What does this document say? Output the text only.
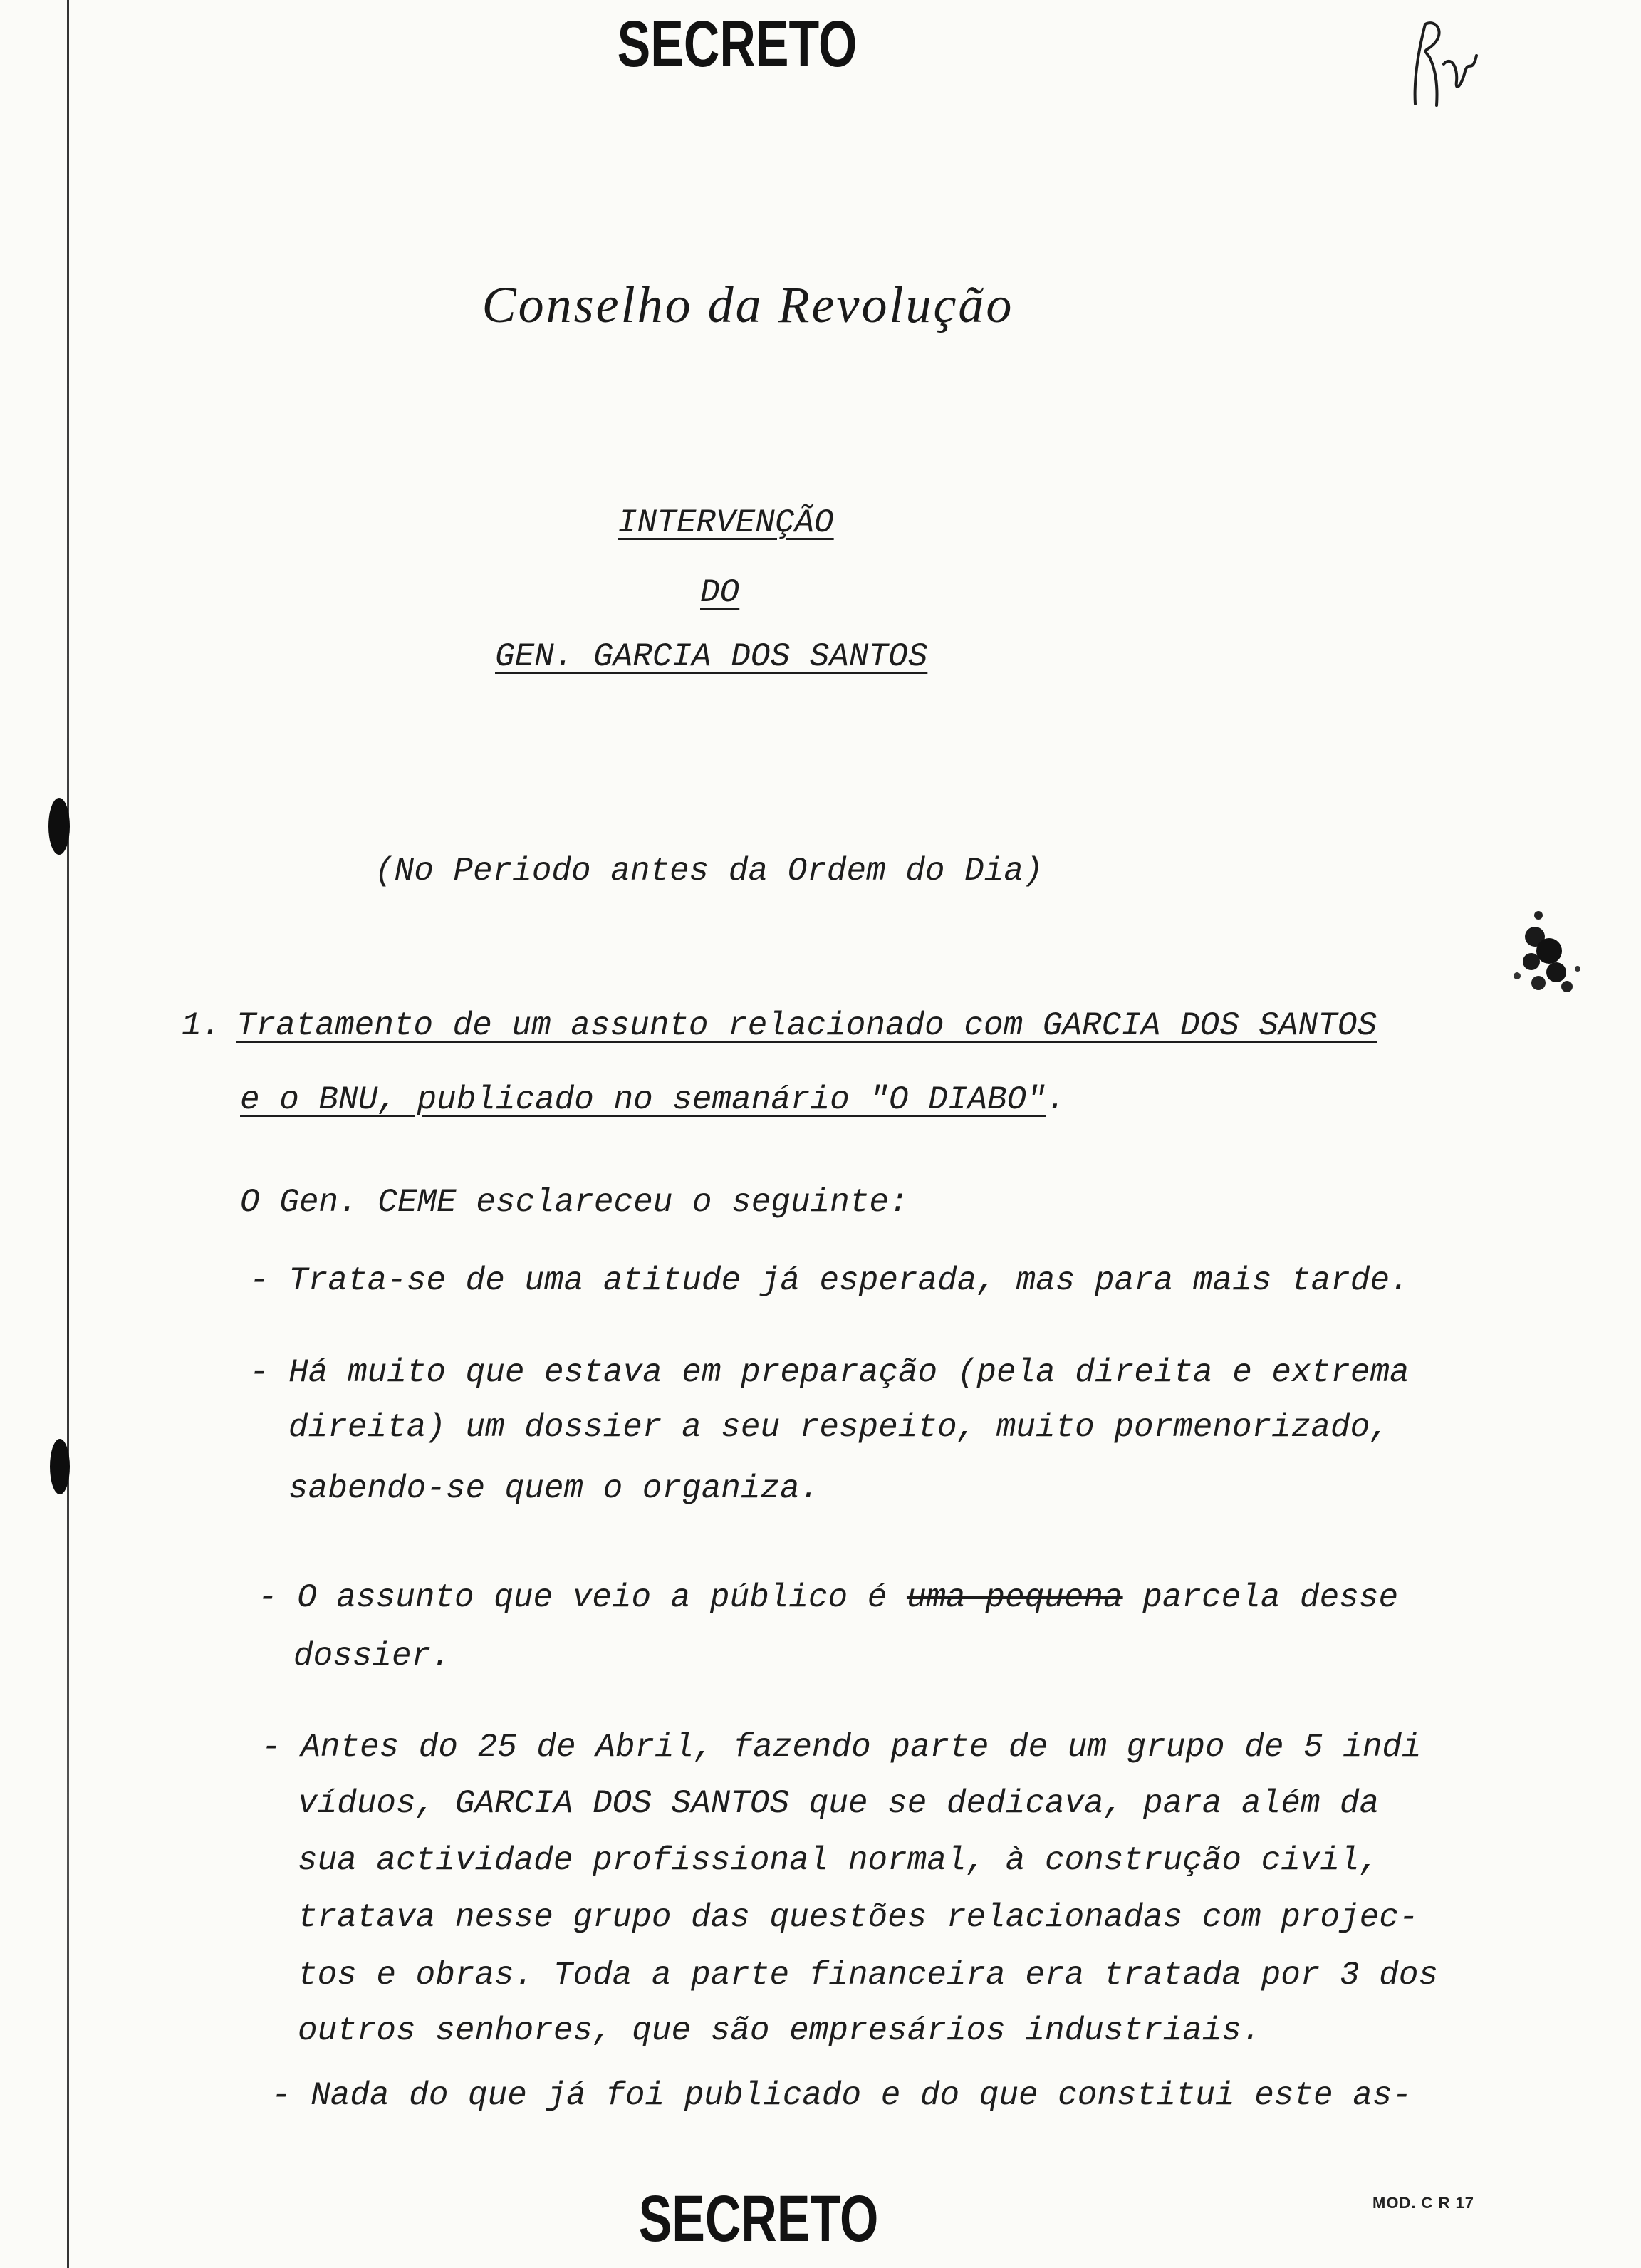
SECRETO
Conselho da Revolução
INTERVENÇÃO
DO
GEN. GARCIA DOS SANTOS
(No Periodo antes da Ordem do Dia)
1. Tratamento de um assunto relacionado com GARCIA DOS SANTOS
e o BNU, publicado no semanário "O DIABO".
O Gen. CEME esclareceu o seguinte:
- Trata-se de uma atitude já esperada, mas para mais tarde.
- Há muito que estava em preparação (pela direita e extrema
direita) um dossier a seu respeito, muito pormenorizado,
sabendo-se quem o organiza.
- O assunto que veio a público é uma pequena parcela desse
dossier.
- Antes do 25 de Abril, fazendo parte de um grupo de 5 indi
víduos, GARCIA DOS SANTOS que se dedicava, para além da
sua actividade profissional normal, à construção civil,
tratava nesse grupo das questões relacionadas com projec-
tos e obras. Toda a parte financeira era tratada por 3 dos
outros senhores, que são empresários industriais.
- Nada do que já foi publicado e do que constitui este as-
SECRETO	MOD. C R 17
